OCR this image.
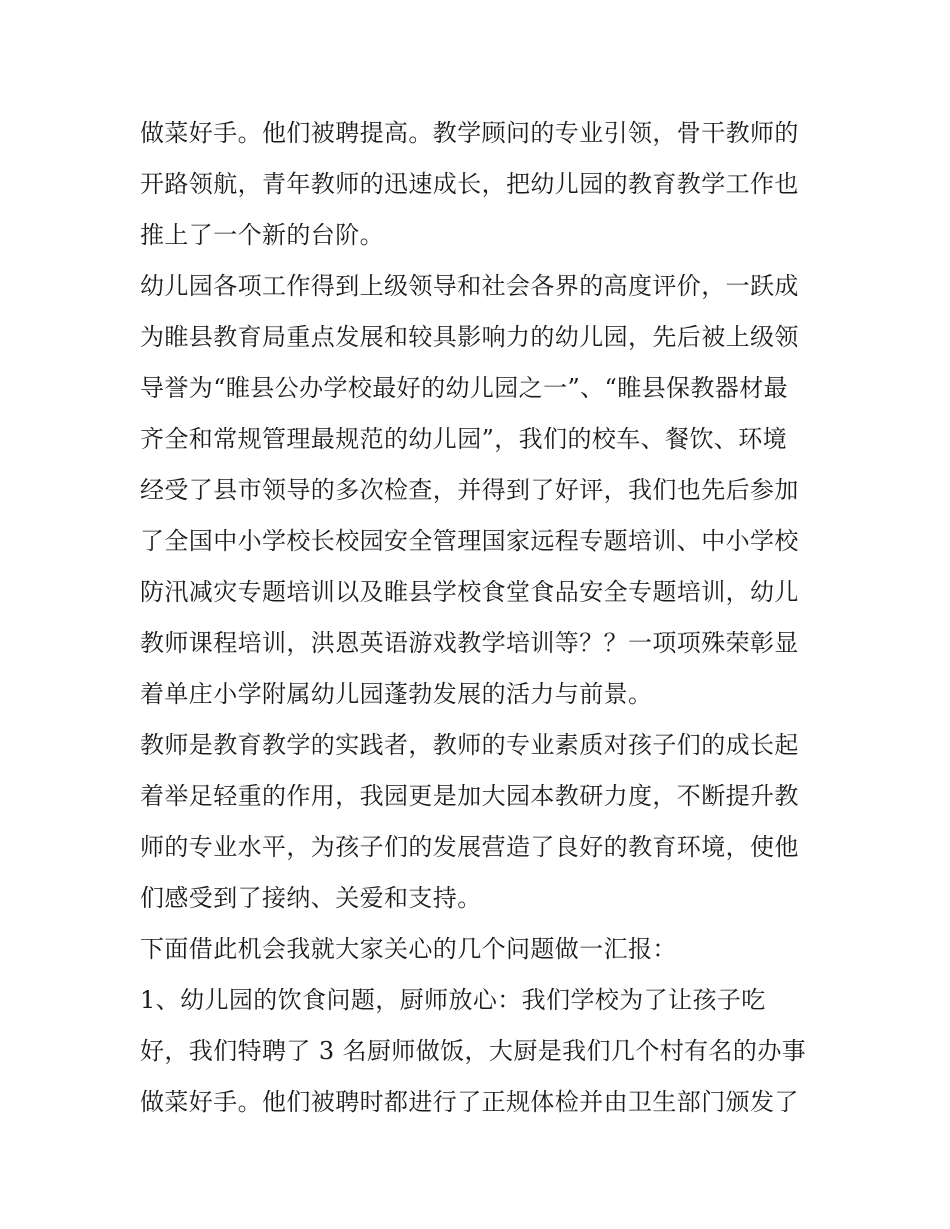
做菜好手。他们被聘提高。教学顾问的专业引领，骨干教师的
开路领航，青年教师的迅速成长，把幼儿园的教育教学工作也
推上了一个新的台阶。
幼儿园各项工作得到上级领导和社会各界的高度评价，一跃成
为睢县教育局重点发展和较具影响力的幼儿园，先后被上级领
导誉为“睢县公办学校最好的幼儿园之一”、“睢县保教器材最
齐全和常规管理最规范的幼儿园”，我们的校车、餐饮、环境
经受了县市领导的多次检查，并得到了好评，我们也先后参加
了全国中小学校长校园安全管理国家远程专题培训、中小学校
防汛减灾专题培训以及睢县学校食堂食品安全专题培训，幼儿
教师课程培训，洪恩英语游戏教学培训等？？一项项殊荣彰显
着单庄小学附属幼儿园蓬勃发展的活力与前景。
教师是教育教学的实践者，教师的专业素质对孩子们的成长起
着举足轻重的作用，我园更是加大园本教研力度，不断提升教
师的专业水平，为孩子们的发展营造了良好的教育环境，使他
们感受到了接纳、关爱和支持。
下面借此机会我就大家关心的几个问题做一汇报：
1、幼儿园的饮食问题，厨师放心：我们学校为了让孩子吃
好，我们特聘了 3 名厨师做饭，大厨是我们几个村有名的办事
做菜好手。他们被聘时都进行了正规体检并由卫生部门颁发了
